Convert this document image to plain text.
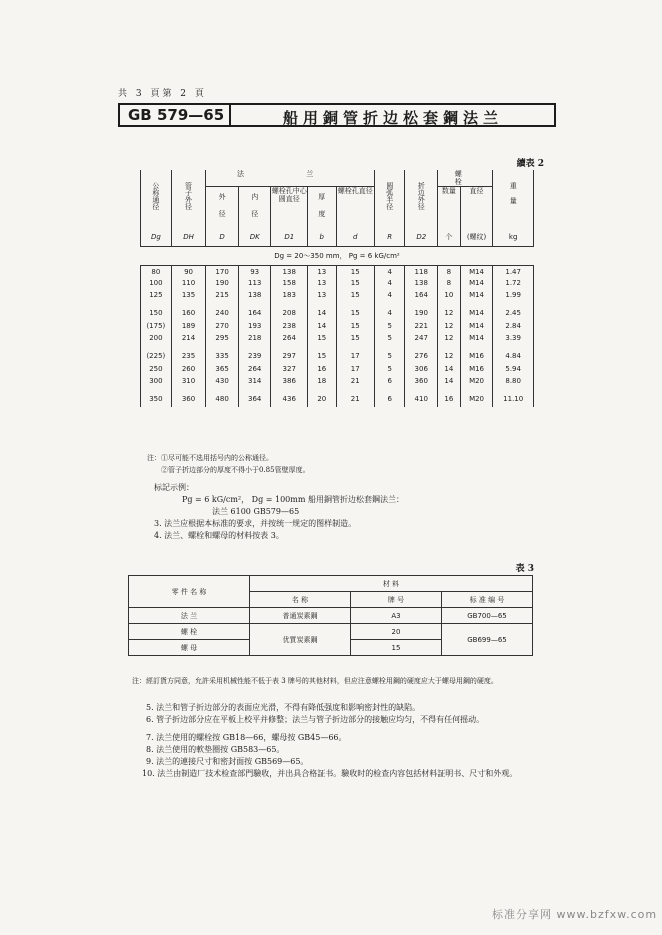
共 3 頁第 2 頁
GB 579—65	船用銅管折边松套鋼法兰
續表 2
公称通径	管子外径	法 兰					圆弧半径	折边外径	螺 栓		重量

		外径	内径	螺栓孔中心圆直径	厚度	螺栓孔直径			数量	直径	
Dg	DH	D	DK	D1	b	d	R	D2	个	(螺纹)	kg
Dg = 20～350 mm， Pg = 6 kG/cm²											
80	90	170	93	138	13	15	4	118	8	M14	1.47
100	110	190	113	158	13	15	4	138	8	M14	1.72
125	135	215	138	183	13	15	4	164	10	M14	1.99
150	160	240	164	208	14	15	4	190	12	M14	2.45
(175)	189	270	193	238	14	15	5	221	12	M14	2.84
200	214	295	218	264	15	15	5	247	12	M14	3.39
(225)	235	335	239	297	15	17	5	276	12	M16	4.84
250	260	365	264	327	16	17	5	306	14	M16	5.94
300	310	430	314	386	18	21	6	360	14	M20	8.80
350	360	480	364	436	20	21	6	410	16	M20	11.10
注：①尽可能不选用括号内的公称通径。
②管子折边部分的厚度不得小于0.85管壁厚度。
标記示例：
Pg = 6 kG/cm²， Dg = 100mm 船用銅管折边松套鋼法兰：
法兰 6100 GB579—65
3. 法兰应根据本标准的要求，并按统一规定的图样制造。
4. 法兰、螺栓和螺母的材料按表 3。
表 3
零 件 名 称	材 料		
	名 称	牌 号	标 准 编 号
法 兰	普通炭素鋼	A3	GB700—65
螺 栓	优質炭素鋼	20	GB699—65
螺 母		15	
注：經訂貨方同意，允許采用机械性能不低于表 3 牌号的其他材料，但应注意螺栓用鋼的硬度应大于螺母用鋼的硬度。
5. 法兰和管子折边部分的表面应光滑，不得有降低强度和影响密封性的缺陷。
6. 管子折边部分应在平板上校平并修整；法兰与管子折边部分的接触应均匀，不得有任何摇动。
7. 法兰使用的螺栓按 GB18—66，螺母按 GB45—66。
8. 法兰使用的軟垫圈按 GB583—65。
9. 法兰的連接尺寸和密封面按 GB569—65。
10. 法兰由制造厂技术检查部門驗收，并出具合格証书。驗收时的检查内容包括材料証明书、尺寸和外观。
标准分享网 www.bzfxw.com
